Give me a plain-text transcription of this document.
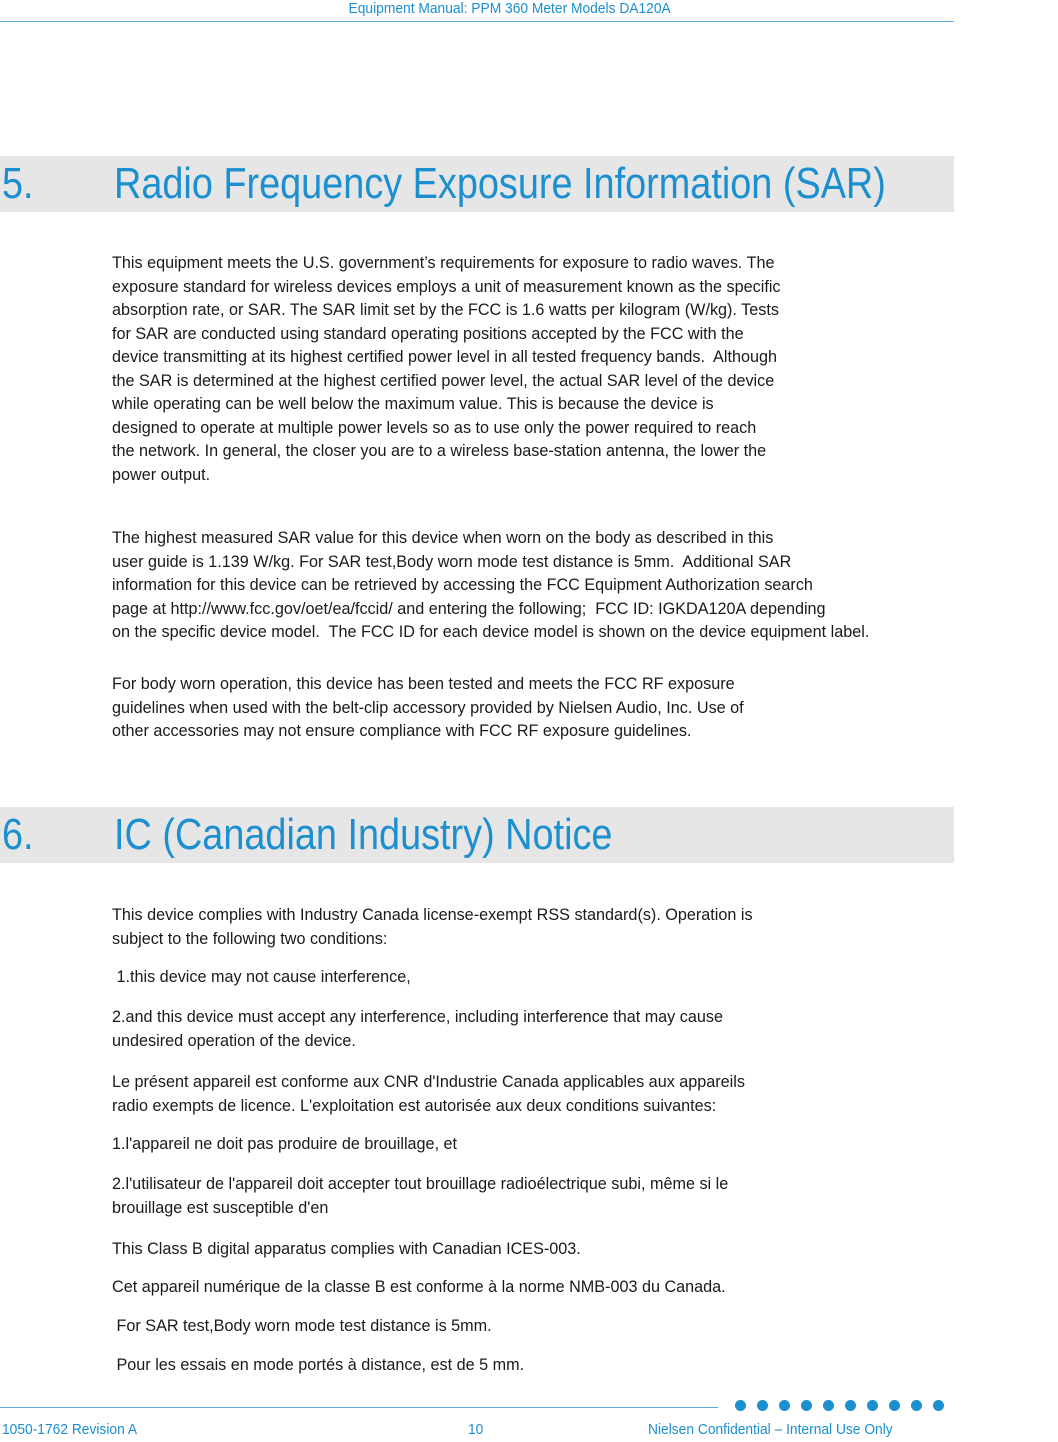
Equipment Manual: PPM 360 Meter Models DA120A
5. Radio Frequency Exposure Information (SAR)

This equipment meets the U.S. government’s requirements for exposure to radio waves. The
exposure standard for wireless devices employs a unit of measurement known as the specific
absorption rate, or SAR. The SAR limit set by the FCC is 1.6 watts per kilogram (W/kg). Tests
for SAR are conducted using standard operating positions accepted by the FCC with the
device transmitting at its highest certified power level in all tested frequency bands.  Although
the SAR is determined at the highest certified power level, the actual SAR level of the device
while operating can be well below the maximum value. This is because the device is
designed to operate at multiple power levels so as to use only the power required to reach
the network. In general, the closer you are to a wireless base-station antenna, the lower the
power output.

The highest measured SAR value for this device when worn on the body as described in this
user guide is 1.139 W/kg. For SAR test,Body worn mode test distance is 5mm.  Additional SAR
information for this device can be retrieved by accessing the FCC Equipment Authorization search
page at http://www.fcc.gov/oet/ea/fccid/ and entering the following;  FCC ID: IGKDA120A depending
on the specific device model.  The FCC ID for each device model is shown on the device equipment label.

For body worn operation, this device has been tested and meets the FCC RF exposure
guidelines when used with the belt-clip accessory provided by Nielsen Audio, Inc. Use of
other accessories may not ensure compliance with FCC RF exposure guidelines.

6. IC (Canadian Industry) Notice

This device complies with Industry Canada license-exempt RSS standard(s). Operation is
subject to the following two conditions:

1.this device may not cause interference,

2.and this device must accept any interference, including interference that may cause
undesired operation of the device.

Le présent appareil est conforme aux CNR d'Industrie Canada applicables aux appareils
radio exempts de licence. L'exploitation est autorisée aux deux conditions suivantes:

1.l'appareil ne doit pas produire de brouillage, et

2.l'utilisateur de l'appareil doit accepter tout brouillage radioélectrique subi, même si le
brouillage est susceptible d'en

This Class B digital apparatus complies with Canadian ICES-003.

Cet appareil numérique de la classe B est conforme à la norme NMB-003 du Canada.

For SAR test,Body worn mode test distance is 5mm.

Pour les essais en mode portés à distance, est de 5 mm.

1050-1762 Revision A	10	Nielsen Confidential – Internal Use Only
